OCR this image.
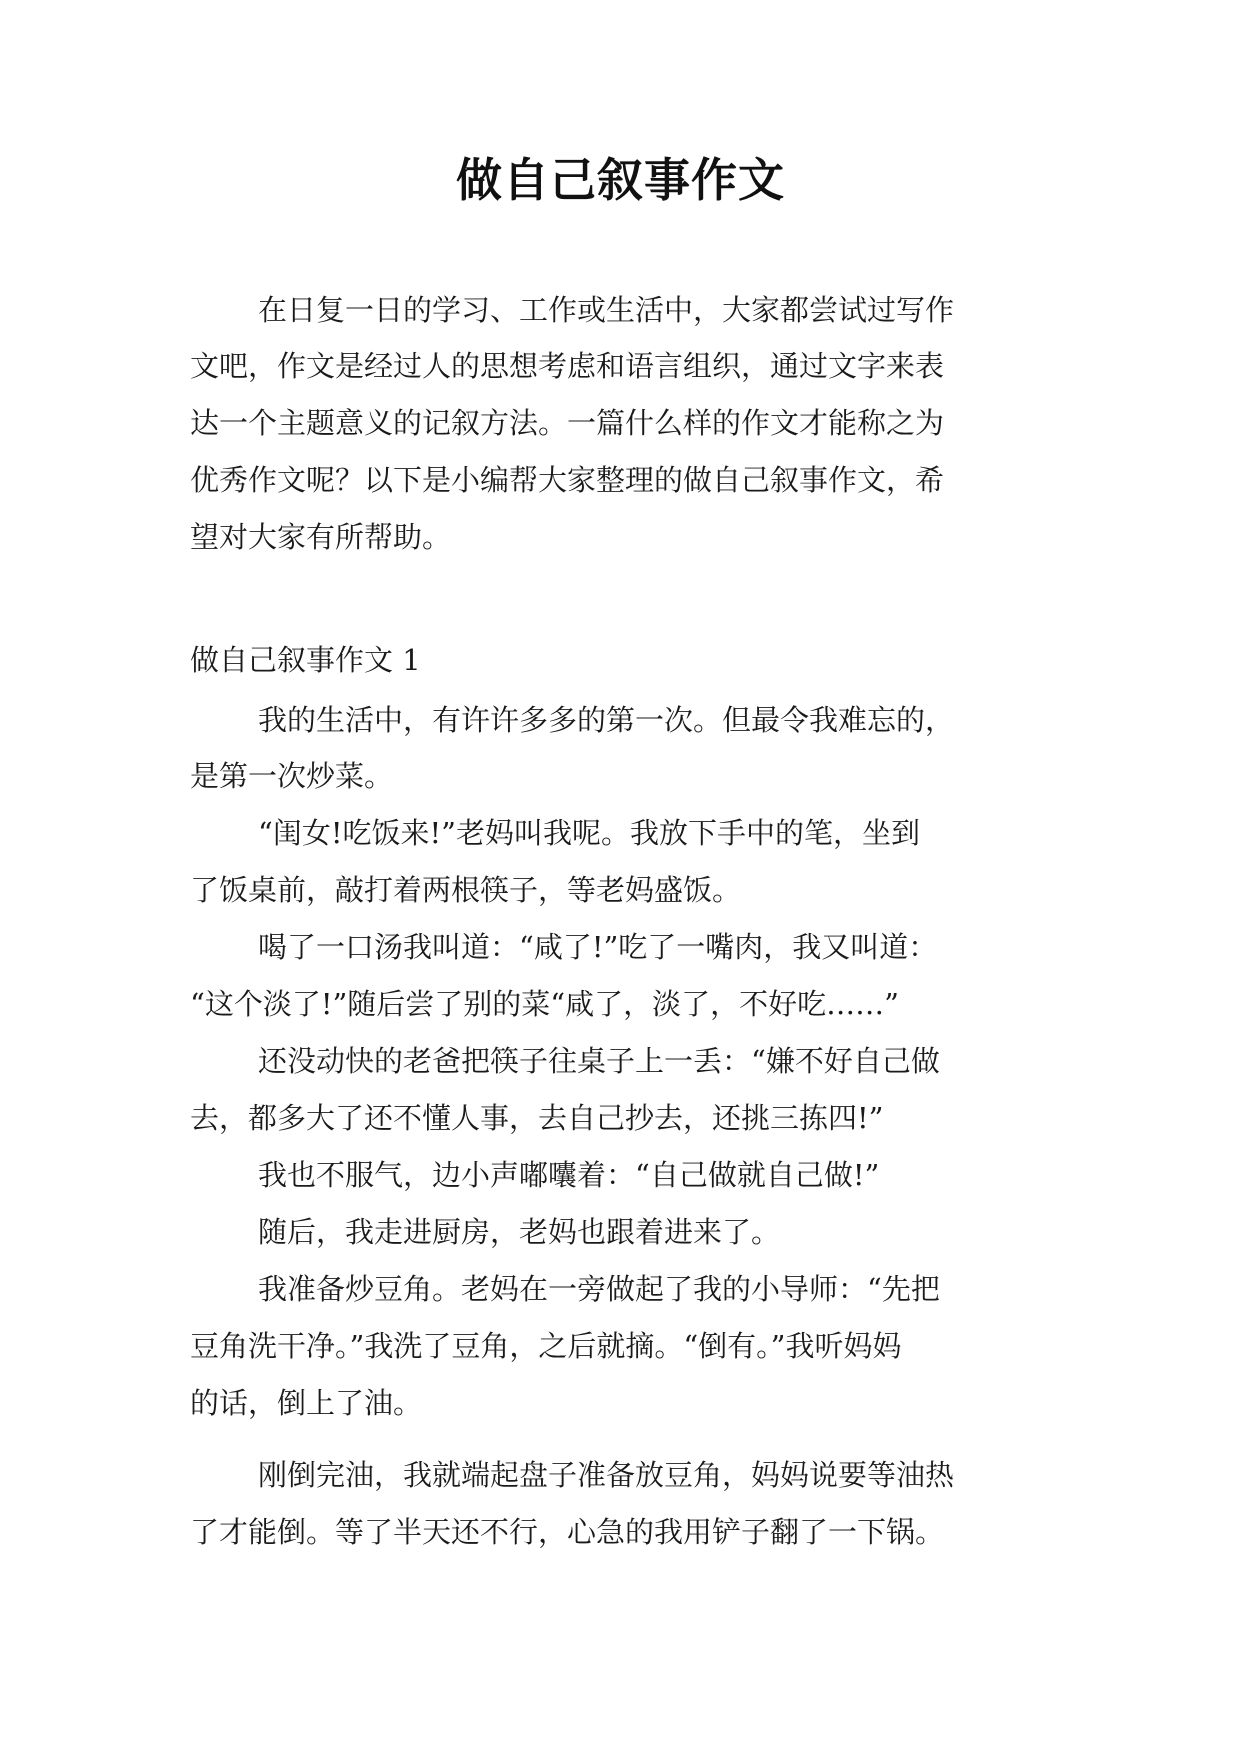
做自己叙事作文
在日复一日的学习、工作或生活中，大家都尝试过写作
文吧，作文是经过人的思想考虑和语言组织，通过文字来表
达一个主题意义的记叙方法。一篇什么样的作文才能称之为
优秀作文呢？以下是小编帮大家整理的做自己叙事作文，希
望对大家有所帮助。
做自己叙事作文 1
我的生活中，有许许多多的第一次。但最令我难忘的，
是第一次炒菜。
“闺女!吃饭来!”老妈叫我呢。我放下手中的笔，坐到
了饭桌前，敲打着两根筷子，等老妈盛饭。
喝了一口汤我叫道：“咸了!”吃了一嘴肉，我又叫道：
“这个淡了!”随后尝了别的菜“咸了，淡了，不好吃……”
还没动快的老爸把筷子往桌子上一丢：“嫌不好自己做
去，都多大了还不懂人事，去自己抄去，还挑三拣四!”
我也不服气，边小声嘟囔着：“自己做就自己做!”
随后，我走进厨房，老妈也跟着进来了。
我准备炒豆角。老妈在一旁做起了我的小导师：“先把
豆角洗干净。”我洗了豆角，之后就摘。“倒有。”我听妈妈
的话，倒上了油。
刚倒完油，我就端起盘子准备放豆角，妈妈说要等油热
了才能倒。等了半天还不行，心急的我用铲子翻了一下锅。
